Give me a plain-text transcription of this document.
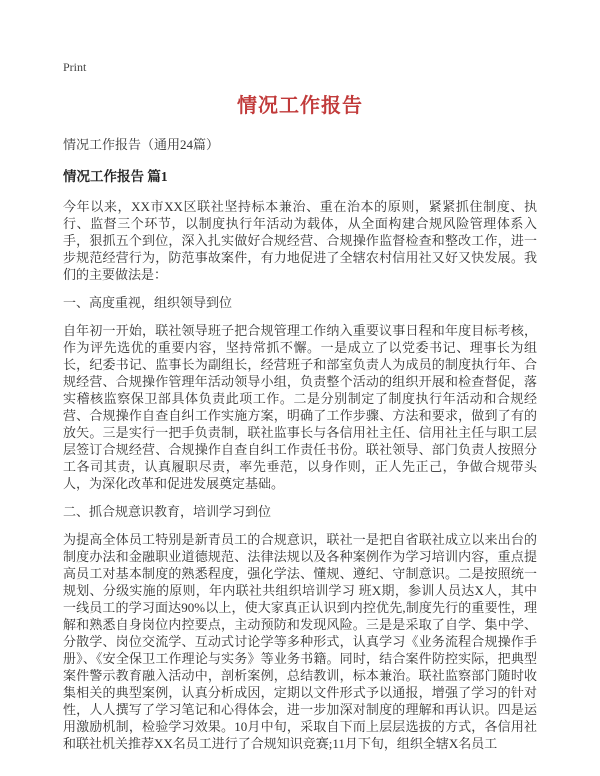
Print
情况工作报告

情况工作报告（通用24篇）

情况工作报告 篇1

今年以来，XX市XX区联社坚持标本兼治、重在治本的原则，紧紧抓住制度、执行、监督三个环节，以制度执行年活动为载体，从全面构建合规风险管理体系入手，狠抓五个到位，深入扎实做好合规经营、合规操作监督检查和整改工作，进一步规范经营行为，防范事故案件，有力地促进了全辖农村信用社又好又快发展。我们的主要做法是：

一、高度重视，组织领导到位

自年初一开始，联社领导班子把合规管理工作纳入重要议事日程和年度目标考核，作为评先选优的重要内容，坚持常抓不懈。一是成立了以党委书记、理事长为组长，纪委书记、监事长为副组长，经营班子和部室负责人为成员的制度执行年、合规经营、合规操作管理年活动领导小组，负责整个活动的组织开展和检查督促，落实稽核监察保卫部具体负责此项工作。二是分别制定了制度执行年活动和合规经营、合规操作自查自纠工作实施方案，明确了工作步骤、方法和要求，做到了有的放矢。三是实行一把手负责制，联社监事长与各信用社主任、信用社主任与职工层层签订合规经营、合规操作自查自纠工作责任书份。联社领导、部门负责人按照分工各司其责，认真履职尽责，率先垂范，以身作则，正人先正己，争做合规带头人，为深化改革和促进发展奠定基础。

二、抓合规意识教育，培训学习到位

为提高全体员工特别是新青员工的合规意识，联社一是把自省联社成立以来出台的制度办法和金融职业道德规范、法律法规以及各种案例作为学习培训内容，重点提高员工对基本制度的熟悉程度，强化学法、懂规、遵纪、守制意识。二是按照统一规划、分级实施的原则，年内联社共组织培训学习 班X期，参训人员达X人，其中一线员工的学习面达90%以上，使大家真正认识到内控优先,制度先行的重要性，理解和熟悉自身岗位内控要点，主动预防和发现风险。三是是采取了自学、集中学、分散学、岗位交流学、互动式讨论学等多种形式，认真学习《业务流程合规操作手册》、《安全保卫工作理论与实务》等业务书籍。同时，结合案件防控实际，把典型案件警示教育融入活动中，剖析案例，总结教训，标本兼治。联社监察部门随时收集相关的典型案例，认真分析成因，定期以文件形式予以通报，增强了学习的针对性，人人撰写了学习笔记和心得体会，进一步加深对制度的理解和再认识。四是运用激励机制，检验学习效果。10月中旬，采取自下而上层层选拔的方式，各信用社和联社机关推荐XX名员工进行了合规知识竞赛;11月下旬，组织全辖X名员工
